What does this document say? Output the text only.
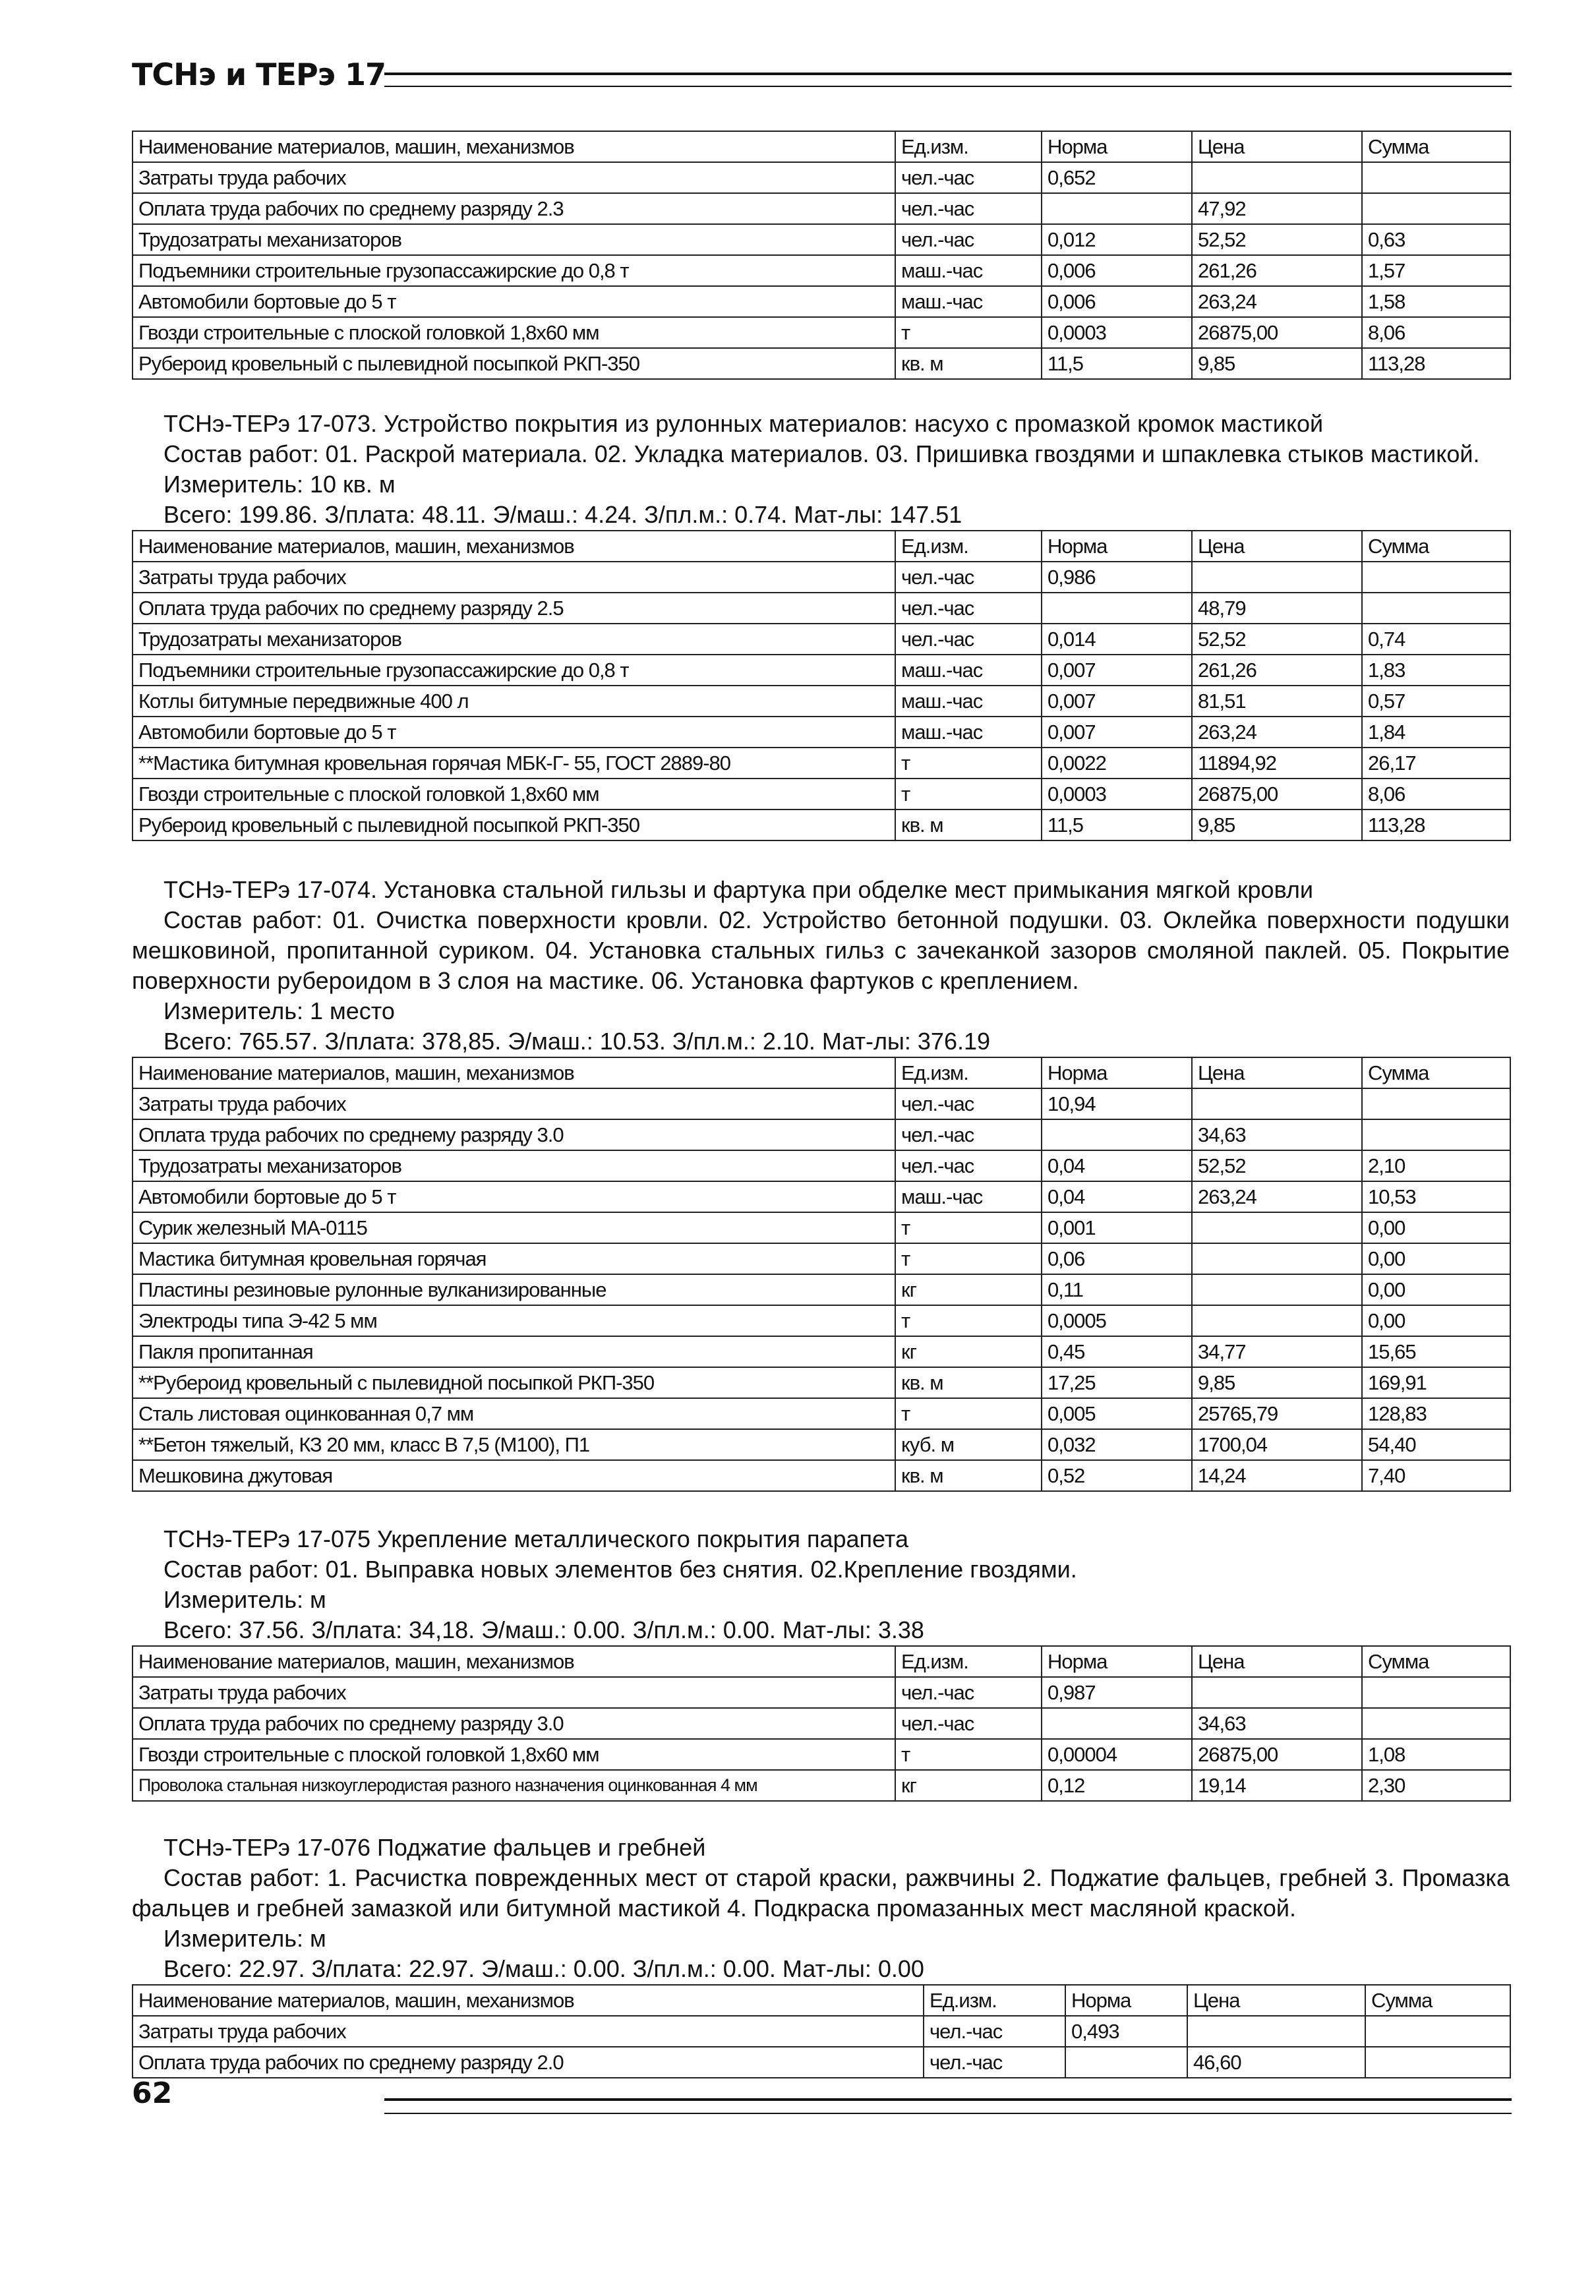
ТСНэ и ТЕРэ 17
Наименование материалов, машин, механизмов	Ед.изм.	Норма	Цена	Сумма
Затраты труда рабочих	чел.-час	0,652		
Оплата труда рабочих по среднему разряду 2.3	чел.-час		47,92	
Трудозатраты механизаторов	чел.-час	0,012	52,52	0,63
Подъемники строительные грузопассажирские до 0,8 т	маш.-час	0,006	261,26	1,57
Автомобили бортовые до 5 т	маш.-час	0,006	263,24	1,58
Гвозди строительные с плоской головкой 1,8х60 мм	т	0,0003	26875,00	8,06
Рубероид кровельный с пылевидной посыпкой РКП-350	кв. м	11,5	9,85	113,28

ТСНэ-ТЕРэ 17-073. Устройство покрытия из рулонных материалов: насухо с промазкой кромок мастикой

Состав работ: 01. Раскрой материала. 02. Укладка материалов. 03. Пришивка гвоздями и шпаклевка стыков мастикой.

Измеритель: 10 кв. м

Всего: 199.86. З/плата: 48.11. Э/маш.: 4.24. З/пл.м.: 0.74. Мат-лы: 147.51

Наименование материалов, машин, механизмов	Ед.изм.	Норма	Цена	Сумма
Затраты труда рабочих	чел.-час	0,986		
Оплата труда рабочих по среднему разряду 2.5	чел.-час		48,79	
Трудозатраты механизаторов	чел.-час	0,014	52,52	0,74
Подъемники строительные грузопассажирские до 0,8 т	маш.-час	0,007	261,26	1,83
Котлы битумные передвижные 400 л	маш.-час	0,007	81,51	0,57
Автомобили бортовые до 5 т	маш.-час	0,007	263,24	1,84
**Мастика битумная кровельная горячая МБК-Г- 55, ГОСТ 2889-80	т	0,0022	11894,92	26,17
Гвозди строительные с плоской головкой 1,8х60 мм	т	0,0003	26875,00	8,06
Рубероид кровельный с пылевидной посыпкой РКП-350	кв. м	11,5	9,85	113,28

ТСНэ-ТЕРэ 17-074. Установка стальной гильзы и фартука при обделке мест примыкания мягкой кровли

Состав работ: 01. Очистка поверхности кровли. 02. Устройство бетонной подушки. 03. Оклейка поверхности подушки мешковиной, пропитанной суриком. 04. Установка стальных гильз с зачеканкой зазоров смоляной паклей. 05. Покрытие поверхности рубероидом в 3 слоя на мастике. 06. Установка фартуков с креплением.

Измеритель: 1 место

Всего: 765.57. З/плата: 378,85. Э/маш.: 10.53. З/пл.м.: 2.10. Мат-лы: 376.19

Наименование материалов, машин, механизмов	Ед.изм.	Норма	Цена	Сумма
Затраты труда рабочих	чел.-час	10,94		
Оплата труда рабочих по среднему разряду 3.0	чел.-час		34,63	
Трудозатраты механизаторов	чел.-час	0,04	52,52	2,10
Автомобили бортовые до 5 т	маш.-час	0,04	263,24	10,53
Сурик железный МА-0115	т	0,001		0,00
Мастика битумная кровельная горячая	т	0,06		0,00
Пластины резиновые рулонные вулканизированные	кг	0,11		0,00
Электроды типа Э-42 5 мм	т	0,0005		0,00
Пакля пропитанная	кг	0,45	34,77	15,65
**Рубероид кровельный с пылевидной посыпкой РКП-350	кв. м	17,25	9,85	169,91
Сталь листовая оцинкованная 0,7 мм	т	0,005	25765,79	128,83
**Бетон тяжелый, КЗ 20 мм, класс В 7,5 (М100), П1	куб. м	0,032	1700,04	54,40
Мешковина джутовая	кв. м	0,52	14,24	7,40

ТСНэ-ТЕРэ 17-075 Укрепление металлического покрытия парапета

Состав работ: 01. Выправка новых элементов без снятия. 02.Крепление гвоздями.

Измеритель: м

Всего: 37.56. З/плата: 34,18. Э/маш.: 0.00. З/пл.м.: 0.00. Мат-лы: 3.38

Наименование материалов, машин, механизмов	Ед.изм.	Норма	Цена	Сумма
Затраты труда рабочих	чел.-час	0,987		
Оплата труда рабочих по среднему разряду 3.0	чел.-час		34,63	
Гвозди строительные с плоской головкой 1,8х60 мм	т	0,00004	26875,00	1,08
Проволока стальная низкоуглеродистая разного назначения оцинкованная 4 мм	кг	0,12	19,14	2,30

ТСНэ-ТЕРэ 17-076 Поджатие фальцев и гребней

Состав работ: 1. Расчистка поврежденных мест от старой краски, ражвчины 2. Поджатие фальцев, гребней 3. Промазка фальцев и гребней замазкой или битумной мастикой 4. Подкраска промазанных мест масляной краской.

Измеритель: м

Всего: 22.97. З/плата: 22.97. Э/маш.: 0.00. З/пл.м.: 0.00. Мат-лы: 0.00

Наименование материалов, машин, механизмов	Ед.изм.	Норма	Цена	Сумма
Затраты труда рабочих	чел.-час	0,493		
Оплата труда рабочих по среднему разряду 2.0	чел.-час		46,60	
62
